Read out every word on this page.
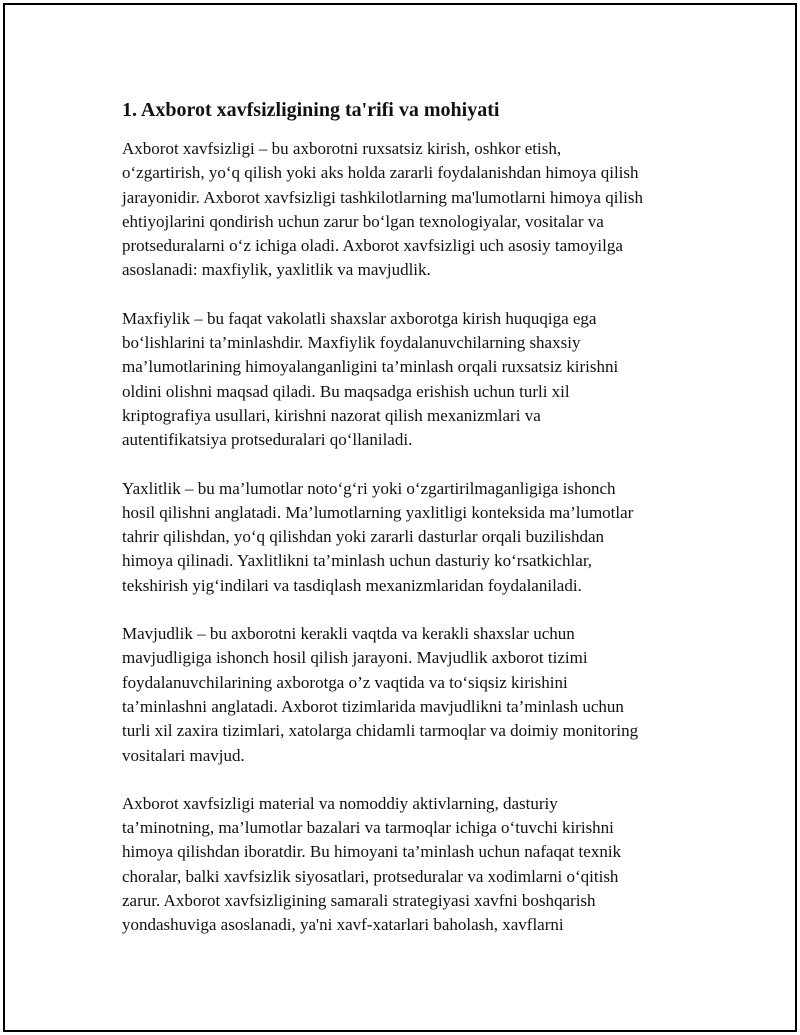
1. Axborot xavfsizligining ta'rifi va mohiyati

Axborot xavfsizligi – bu axborotni ruxsatsiz kirish, oshkor etish,
o‘zgartirish, yo‘q qilish yoki aks holda zararli foydalanishdan himoya qilish
jarayonidir. Axborot xavfsizligi tashkilotlarning ma'lumotlarni himoya qilish
ehtiyojlarini qondirish uchun zarur bo‘lgan texnologiyalar, vositalar va
protseduralarni o‘z ichiga oladi. Axborot xavfsizligi uch asosiy tamoyilga
asoslanadi: maxfiylik, yaxlitlik va mavjudlik.

Maxfiylik – bu faqat vakolatli shaxslar axborotga kirish huquqiga ega
bo‘lishlarini ta’minlashdir. Maxfiylik foydalanuvchilarning shaxsiy
ma’lumotlarining himoyalanganligini ta’minlash orqali ruxsatsiz kirishni
oldini olishni maqsad qiladi. Bu maqsadga erishish uchun turli xil
kriptografiya usullari, kirishni nazorat qilish mexanizmlari va
autentifikatsiya protseduralari qo‘llaniladi.

Yaxlitlik – bu ma’lumotlar noto‘g‘ri yoki o‘zgartirilmaganligiga ishonch
hosil qilishni anglatadi. Ma’lumotlarning yaxlitligi konteksida ma’lumotlar
tahrir qilishdan, yo‘q qilishdan yoki zararli dasturlar orqali buzilishdan
himoya qilinadi. Yaxlitlikni ta’minlash uchun dasturiy ko‘rsatkichlar,
tekshirish yig‘indilari va tasdiqlash mexanizmlaridan foydalaniladi.

Mavjudlik – bu axborotni kerakli vaqtda va kerakli shaxslar uchun
mavjudligiga ishonch hosil qilish jarayoni. Mavjudlik axborot tizimi
foydalanuvchilarining axborotga o’z vaqtida va to‘siqsiz kirishini
ta’minlashni anglatadi. Axborot tizimlarida mavjudlikni ta’minlash uchun
turli xil zaxira tizimlari, xatolarga chidamli tarmoqlar va doimiy monitoring
vositalari mavjud.

Axborot xavfsizligi material va nomoddiy aktivlarning, dasturiy
ta’minotning, ma’lumotlar bazalari va tarmoqlar ichiga o‘tuvchi kirishni
himoya qilishdan iboratdir. Bu himoyani ta’minlash uchun nafaqat texnik
choralar, balki xavfsizlik siyosatlari, protseduralar va xodimlarni o‘qitish
zarur. Axborot xavfsizligining samarali strategiyasi xavfni boshqarish
yondashuviga asoslanadi, ya'ni xavf-xatarlari baholash, xavflarni
